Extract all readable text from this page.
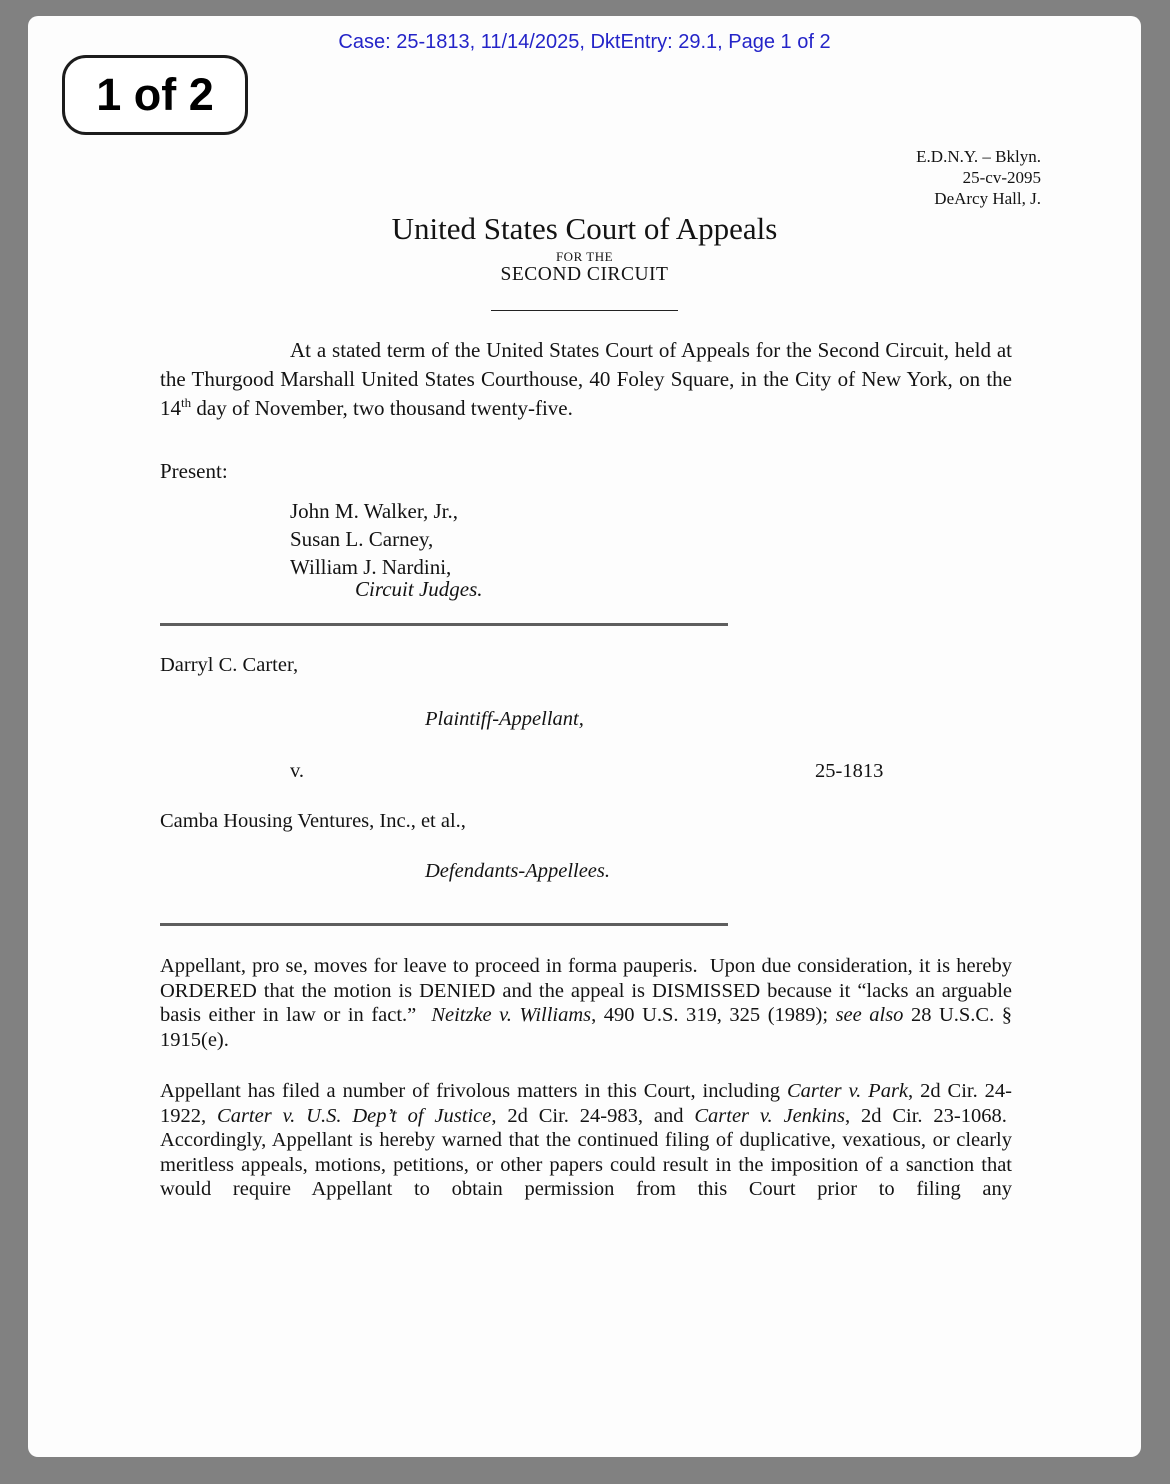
Case: 25-1813, 11/14/2025, DktEntry: 29.1, Page 1 of 2
1 of 2
E.D.N.Y. – Bklyn.
25-cv-2095
DeArcy Hall, J.
United States Court of Appeals
FOR THE
SECOND CIRCUIT

At a stated term of the United States Court of Appeals for the Second Circuit, held at the Thurgood Marshall United States Courthouse, 40 Foley Square, in the City of New York, on the 14th day of November, two thousand twenty-five.

Present:
John M. Walker, Jr.,
Susan L. Carney,
William J. Nardini,
Circuit Judges.
Darryl C. Carter,
Plaintiff-Appellant,
v.	25-1813
Camba Housing Ventures, Inc., et al.,
Defendants-Appellees.

Appellant, pro se, moves for leave to proceed in forma pauperis.  Upon due consideration, it is hereby ORDERED that the motion is DENIED and the appeal is DISMISSED because it “lacks an arguable basis either in law or in fact.”  Neitzke v. Williams, 490 U.S. 319, 325 (1989); see also 28 U.S.C. § 1915(e).

Appellant has filed a number of frivolous matters in this Court, including Carter v. Park, 2d Cir. 24-1922, Carter v. U.S. Dep’t of Justice, 2d Cir. 24-983, and Carter v. Jenkins, 2d Cir. 23-1068.  Accordingly, Appellant is hereby warned that the continued filing of duplicative, vexatious, or clearly meritless appeals, motions, petitions, or other papers could result in the imposition of a sanction that would require Appellant to obtain permission from this Court prior to filing any
